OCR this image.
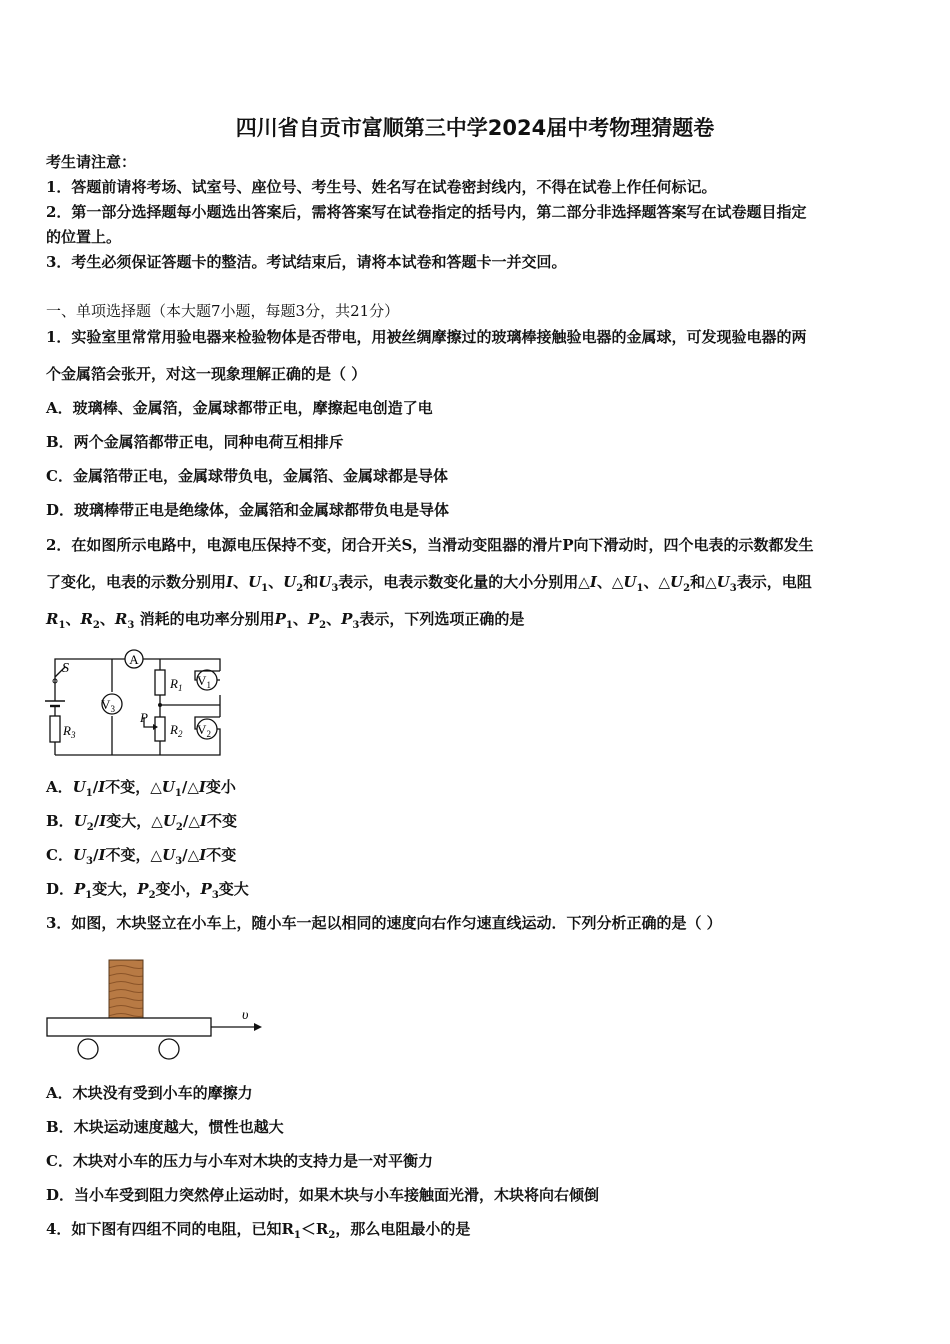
四川省自贡市富顺第三中学2024届中考物理猜题卷
考生请注意：
1．答题前请将考场、试室号、座位号、考生号、姓名写在试卷密封线内，不得在试卷上作任何标记。
2．第一部分选择题每小题选出答案后，需将答案写在试卷指定的括号内，第二部分非选择题答案写在试卷题目指定
的位置上。
3．考生必须保证答题卡的整洁。考试结束后，请将本试卷和答题卡一并交回。
一、单项选择题（本大题7小题，每题3分，共21分）
1．实验室里常常用验电器来检验物体是否带电，用被丝绸摩擦过的玻璃棒接触验电器的金属球，可发现验电器的两
个金属箔会张开，对这一现象理解正确的是（ ）
A．玻璃棒、金属箔，金属球都带正电，摩擦起电创造了电
B．两个金属箔都带正电，同种电荷互相排斥
C．金属箔带正电，金属球带负电，金属箔、金属球都是导体
D．玻璃棒带正电是绝缘体，金属箔和金属球都带负电是导体
2．在如图所示电路中，电源电压保持不变，闭合开关S，当滑动变阻器的滑片P向下滑动时，四个电表的示数都发生
了变化，电表的示数分别用I、$U_1$、$U_2$和$U_3$表示，电表示数变化量的大小分别用△I、$\triangle U_1$、$\triangle U_2$和$\triangle U_3$表示，电阻
$R_1$、$R_2$、$R_3$ 消耗的电功率分别用$P_1$、$P_2$、$P_3$表示，下列选项正确的是
A
S
$V_3$
$V_1$
$V_2$
$R_1$
$R_2$
$R_3$
P
A．$U_1/I$不变，$\triangle U_1/\triangle I$变小
B．$U_2/I$变大，$\triangle U_2/\triangle I$不变
C．$U_3/I$不变，$\triangle U_3/\triangle I$不变
D．$P_1$变大，$P_2$变小，$P_3$变大
3．如图，木块竖立在小车上，随小车一起以相同的速度向右作匀速直线运动．下列分析正确的是（ ）
υ
A．木块没有受到小车的摩擦力
B．木块运动速度越大，惯性也越大
C．木块对小车的压力与小车对木块的支持力是一对平衡力
D．当小车受到阻力突然停止运动时，如果木块与小车接触面光滑，木块将向右倾倒
4．如下图有四组不同的电阻，已知$R_1<R_2$，那么电阻最小的是
